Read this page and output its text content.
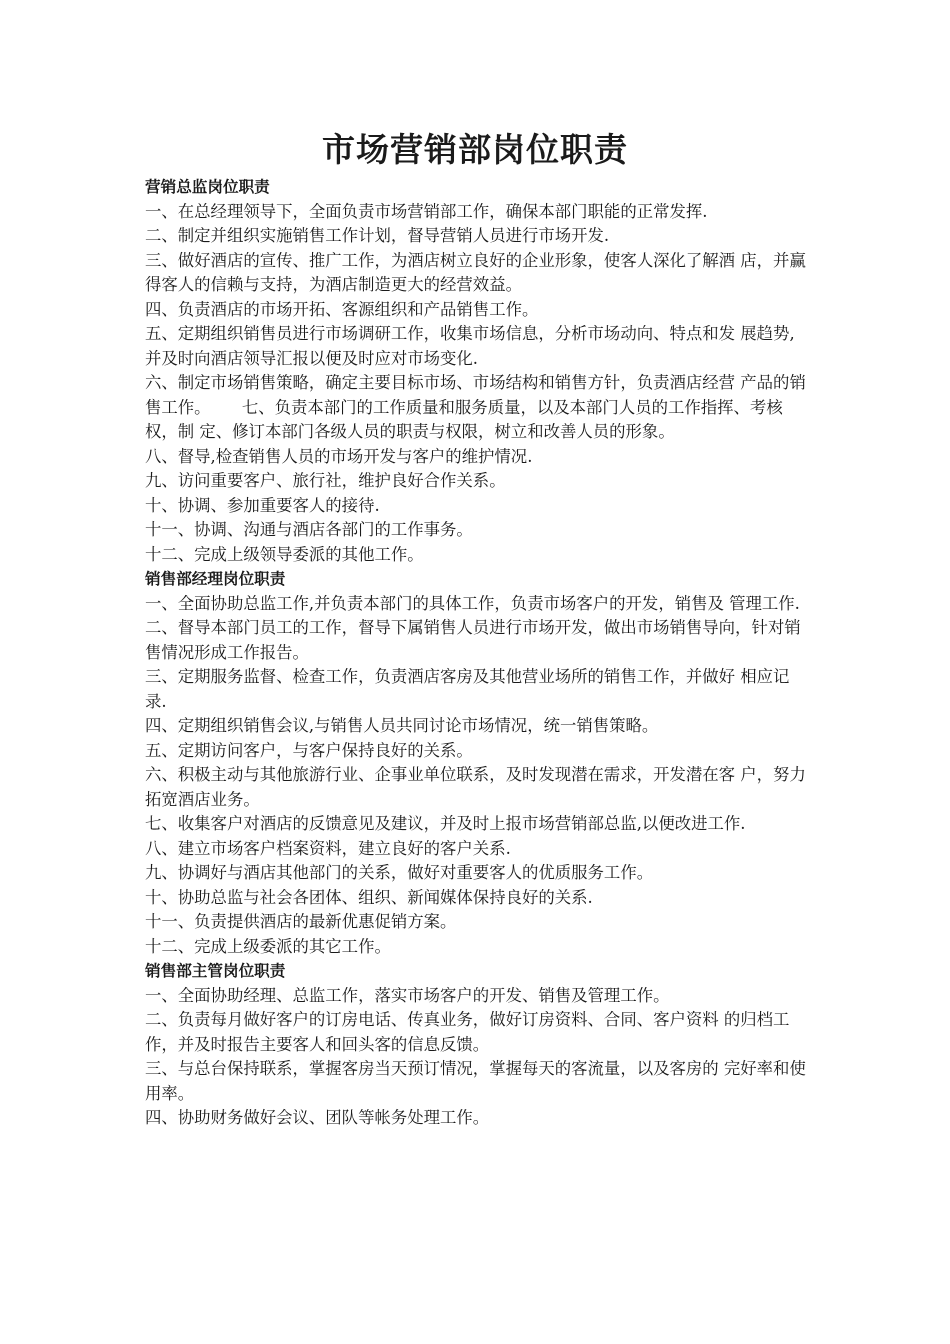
市场营销部岗位职责

营销总监岗位职责

一、在总经理领导下，全面负责市场营销部工作，确保本部门职能的正常发挥.

二、制定并组织实施销售工作计划，督导营销人员进行市场开发.

三、做好酒店的宣传、推广工作，为酒店树立良好的企业形象，使客人深化了解酒 店，并赢得客人的信赖与支持，为酒店制造更大的经营效益。

四、负责酒店的市场开拓、客源组织和产品销售工作。

五、定期组织销售员进行市场调研工作，收集市场信息，分析市场动向、特点和发 展趋势,并及时向酒店领导汇报以便及时应对市场变化.

六、制定市场销售策略，确定主要目标市场、市场结构和销售方针，负责酒店经营 产品的销售工作。      七、负责本部门的工作质量和服务质量，以及本部门人员的工作指挥、考核权，制 定、修订本部门各级人员的职责与权限，树立和改善人员的形象。

八、督导,检查销售人员的市场开发与客户的维护情况.

九、访问重要客户、旅行社，维护良好合作关系。

十、协调、参加重要客人的接待.

十一、协调、沟通与酒店各部门的工作事务。

十二、完成上级领导委派的其他工作。

销售部经理岗位职责

一、全面协助总监工作,并负责本部门的具体工作，负责市场客户的开发，销售及 管理工作.

二、督导本部门员工的工作，督导下属销售人员进行市场开发，做出市场销售导向，针对销售情况形成工作报告。

三、定期服务监督、检查工作，负责酒店客房及其他营业场所的销售工作，并做好 相应记录.

四、定期组织销售会议,与销售人员共同讨论市场情况，统一销售策略。

五、定期访问客户，与客户保持良好的关系。

六、积极主动与其他旅游行业、企事业单位联系，及时发现潜在需求，开发潜在客 户，努力拓宽酒店业务。

七、收集客户对酒店的反馈意见及建议，并及时上报市场营销部总监,以便改进工作.

八、建立市场客户档案资料，建立良好的客户关系.

九、协调好与酒店其他部门的关系，做好对重要客人的优质服务工作。

十、协助总监与社会各团体、组织、新闻媒体保持良好的关系.

十一、负责提供酒店的最新优惠促销方案。

十二、完成上级委派的其它工作。

销售部主管岗位职责

一、全面协助经理、总监工作，落实市场客户的开发、销售及管理工作。

二、负责每月做好客户的订房电话、传真业务，做好订房资料、合同、客户资料 的归档工作，并及时报告主要客人和回头客的信息反馈。

三、与总台保持联系，掌握客房当天预订情况，掌握每天的客流量，以及客房的 完好率和使用率。

四、协助财务做好会议、团队等帐务处理工作。
